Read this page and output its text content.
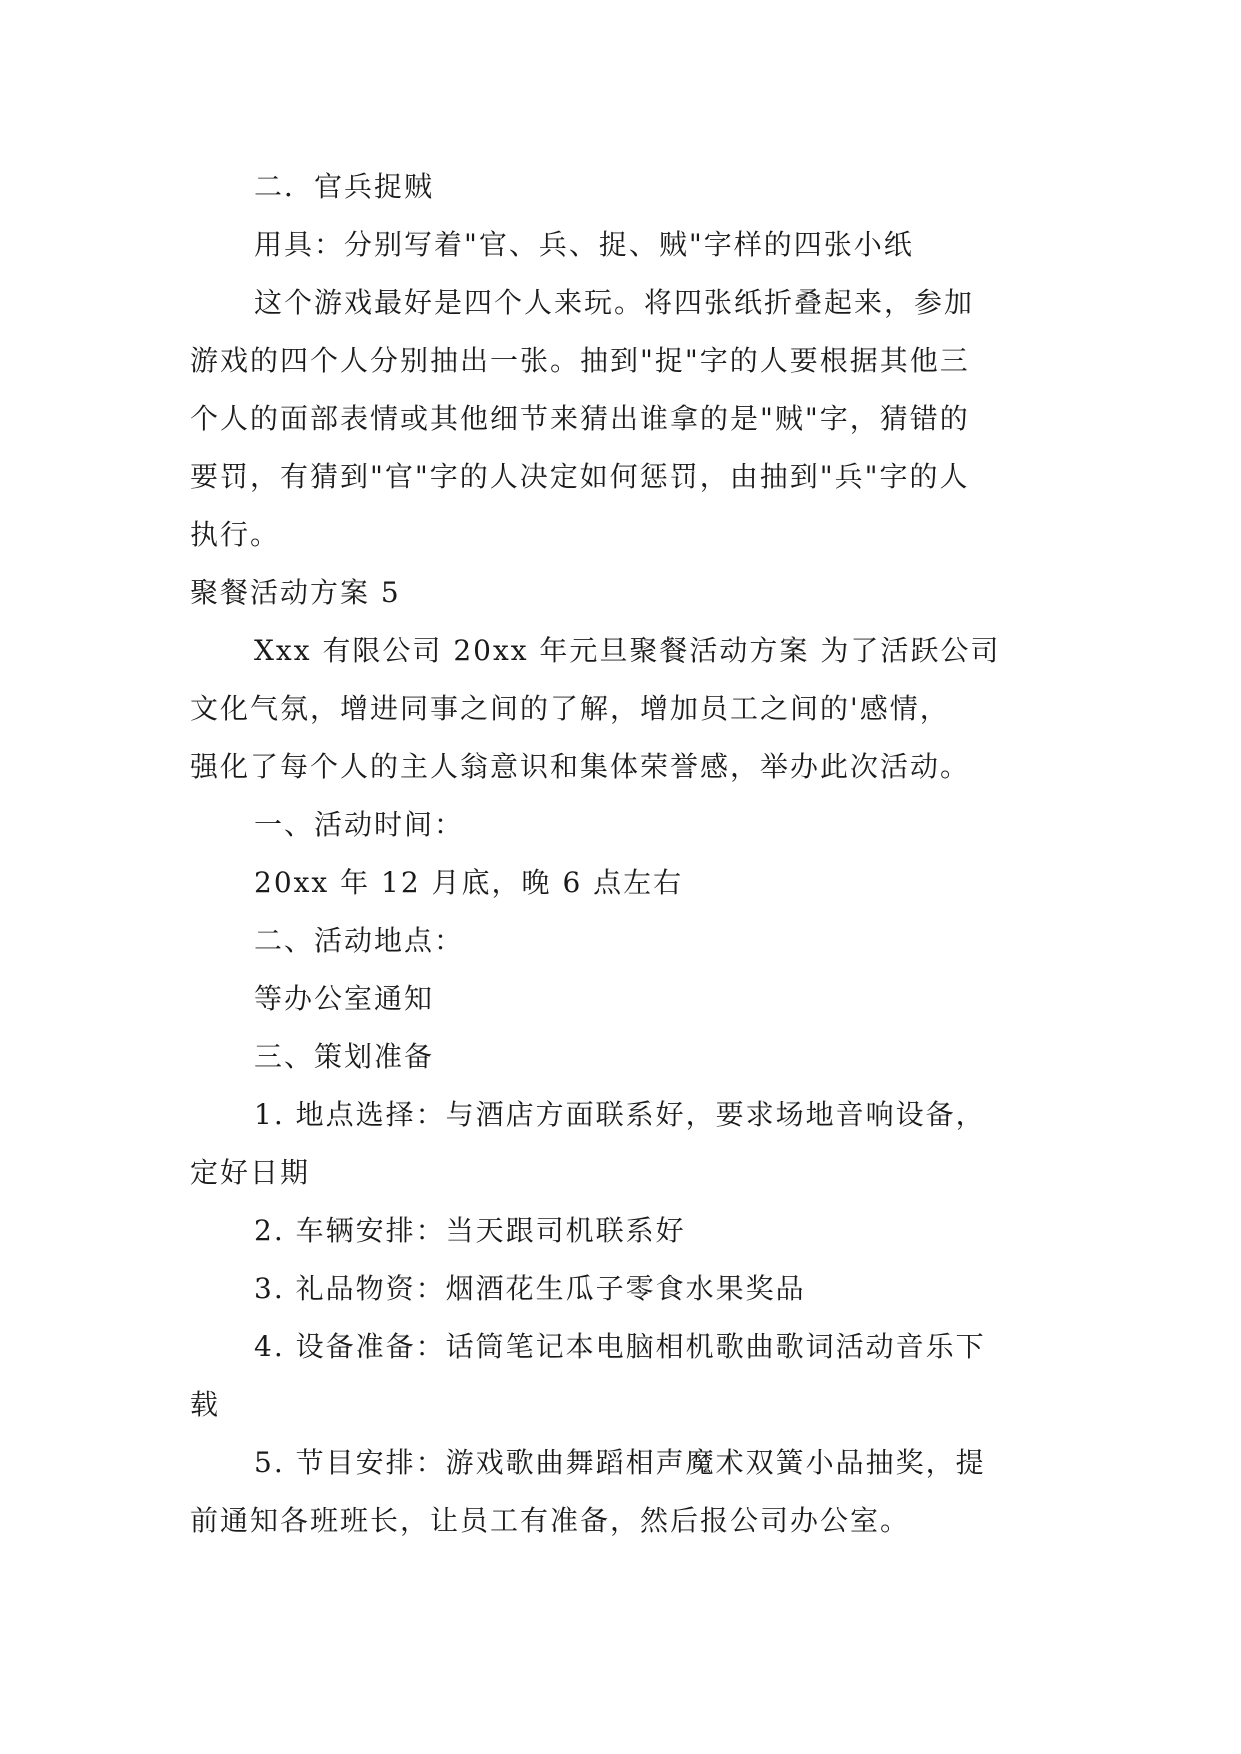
二．官兵捉贼

用具：分别写着"官、兵、捉、贼"字样的四张小纸

这个游戏最好是四个人来玩。将四张纸折叠起来，参加

游戏的四个人分别抽出一张。抽到"捉"字的人要根据其他三

个人的面部表情或其他细节来猜出谁拿的是"贼"字，猜错的

要罚，有猜到"官"字的人决定如何惩罚，由抽到"兵"字的人

执行。

聚餐活动方案 5

Xxx 有限公司 20xx 年元旦聚餐活动方案 为了活跃公司

文化气氛，增进同事之间的了解，增加员工之间的'感情，

强化了每个人的主人翁意识和集体荣誉感，举办此次活动。

一、活动时间：

20xx 年 12 月底，晚 6 点左右

二、活动地点：

等办公室通知

三、策划准备

1. 地点选择：与酒店方面联系好，要求场地音响设备，

定好日期

2. 车辆安排：当天跟司机联系好

3. 礼品物资：烟酒花生瓜子零食水果奖品

4. 设备准备：话筒笔记本电脑相机歌曲歌词活动音乐下

载

5. 节目安排：游戏歌曲舞蹈相声魔术双簧小品抽奖，提

前通知各班班长，让员工有准备，然后报公司办公室。
